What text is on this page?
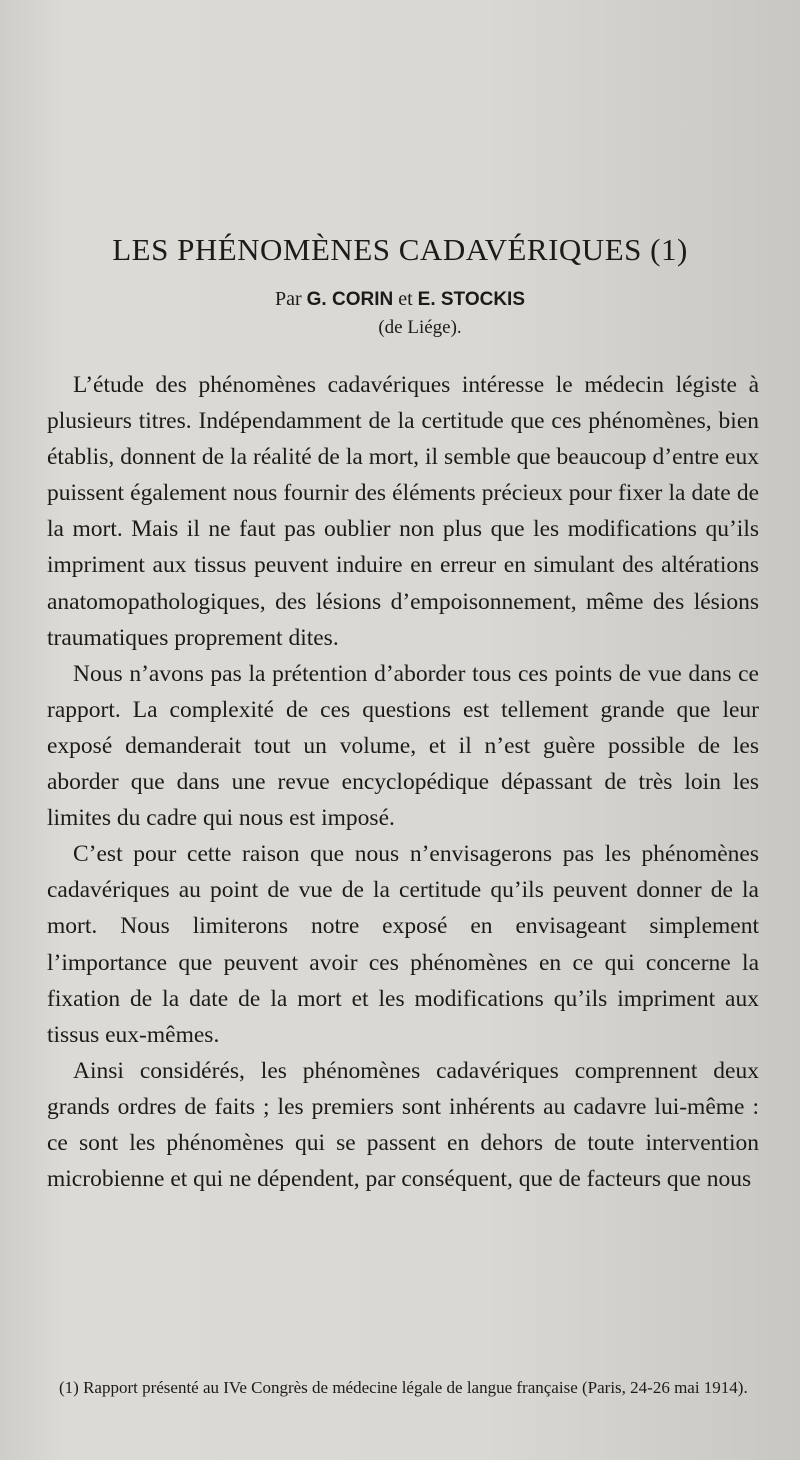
LES PHÉNOMÈNES CADAVÉRIQUES (1)
Par G. CORIN et E. STOCKIS
(de Liége).

L’étude des phénomènes cadavériques intéresse le médecin légiste à plusieurs titres. Indépendamment de la certitude que ces phénomènes, bien établis, donnent de la réalité de la mort, il semble que beaucoup d’entre eux puissent également nous fournir des éléments précieux pour fixer la date de la mort. Mais il ne faut pas oublier non plus que les modifications qu’ils impriment aux tissus peuvent induire en erreur en simulant des altérations anatomopathologiques, des lésions d’empoisonnement, même des lésions traumatiques proprement dites.

Nous n’avons pas la prétention d’aborder tous ces points de vue dans ce rapport. La complexité de ces questions est tellement grande que leur exposé demanderait tout un volume, et il n’est guère possible de les aborder que dans une revue encyclopédique dépassant de très loin les limites du cadre qui nous est imposé.

C’est pour cette raison que nous n’envisagerons pas les phénomènes cadavériques au point de vue de la certitude qu’ils peuvent donner de la mort. Nous limiterons notre exposé en envisageant simplement l’importance que peuvent avoir ces phénomènes en ce qui concerne la fixation de la date de la mort et les modifications qu’ils impriment aux tissus eux-mêmes.

Ainsi considérés, les phénomènes cadavériques comprennent deux grands ordres de faits ; les premiers sont inhérents au cadavre lui-même : ce sont les phénomènes qui se passent en dehors de toute intervention microbienne et qui ne dépendent, par conséquent, que de facteurs que nous

(1) Rapport présenté au IVe Congrès de médecine légale de langue française (Paris, 24-26 mai 1914).
